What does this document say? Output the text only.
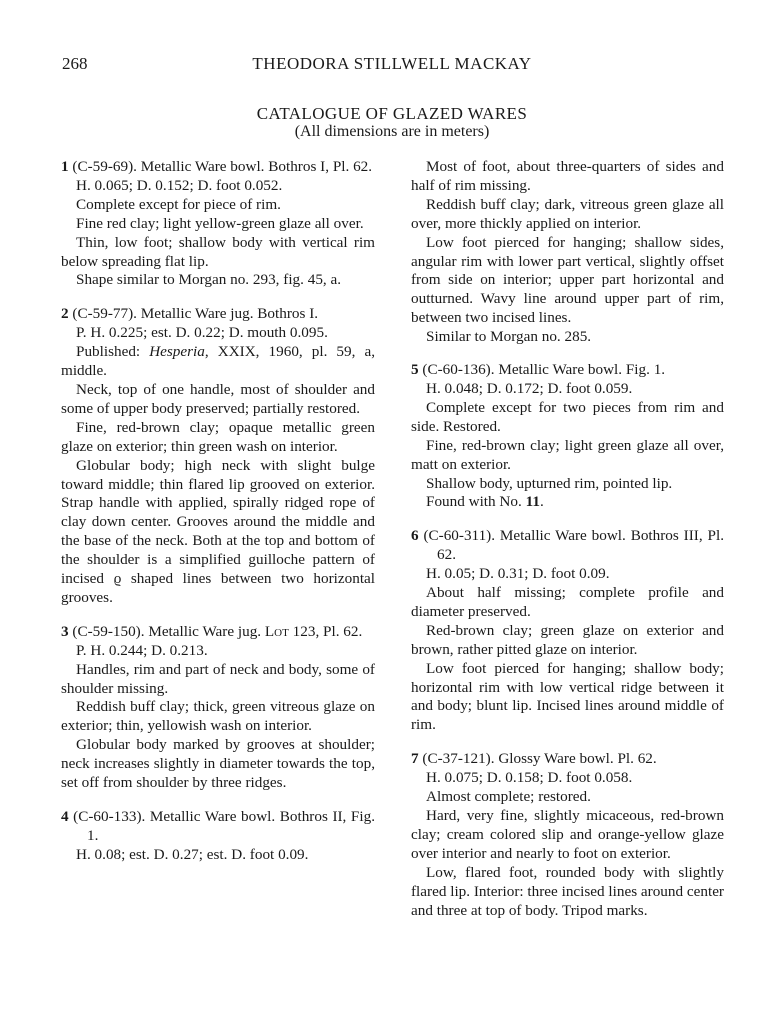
268	THEODORA STILLWELL MACKAY
CATALOGUE OF GLAZED WARES
(All dimensions are in meters)
1 (C-59-69). Metallic Ware bowl. Bothros I, Pl. 62.

H. 0.065; D. 0.152; D. foot 0.052.

Complete except for piece of rim.

Fine red clay; light yellow-green glaze all over.

Thin, low foot; shallow body with vertical rim below spreading flat lip.

Shape similar to Morgan no. 293, fig. 45, a.

2 (C-59-77). Metallic Ware jug. Bothros I.

P. H. 0.225; est. D. 0.22; D. mouth 0.095.

Published: Hesperia, XXIX, 1960, pl. 59, a, middle.

Neck, top of one handle, most of shoulder and some of upper body preserved; partially restored.

Fine, red-brown clay; opaque metallic green glaze on exterior; thin green wash on interior.

Globular body; high neck with slight bulge toward middle; thin flared lip grooved on exterior. Strap handle with applied, spirally ridged rope of clay down center. Grooves around the middle and the base of the neck. Both at the top and bottom of the shoulder is a simplified guilloche pattern of incised ϱ shaped lines between two horizontal grooves.

3 (C-59-150). Metallic Ware jug. Lot 123, Pl. 62.

P. H. 0.244; D. 0.213.

Handles, rim and part of neck and body, some of shoulder missing.

Reddish buff clay; thick, green vitreous glaze on exterior; thin, yellowish wash on interior.

Globular body marked by grooves at shoulder; neck increases slightly in diameter towards the top, set off from shoulder by three ridges.

4 (C-60-133). Metallic Ware bowl. Bothros II, Fig. 1.

H. 0.08; est. D. 0.27; est. D. foot 0.09.

Most of foot, about three-quarters of sides and half of rim missing.

Reddish buff clay; dark, vitreous green glaze all over, more thickly applied on interior.

Low foot pierced for hanging; shallow sides, angular rim with lower part vertical, slightly offset from side on interior; upper part horizontal and outturned. Wavy line around upper part of rim, between two incised lines.

Similar to Morgan no. 285.

5 (C-60-136). Metallic Ware bowl. Fig. 1.

H. 0.048; D. 0.172; D. foot 0.059.

Complete except for two pieces from rim and side. Restored.

Fine, red-brown clay; light green glaze all over, matt on exterior.

Shallow body, upturned rim, pointed lip.

Found with No. 11.

6 (C-60-311). Metallic Ware bowl. Bothros III, Pl. 62.

H. 0.05; D. 0.31; D. foot 0.09.

About half missing; complete profile and diameter preserved.

Red-brown clay; green glaze on exterior and brown, rather pitted glaze on interior.

Low foot pierced for hanging; shallow body; horizontal rim with low vertical ridge between it and body; blunt lip. Incised lines around middle of rim.

7 (C-37-121). Glossy Ware bowl. Pl. 62.

H. 0.075; D. 0.158; D. foot 0.058.

Almost complete; restored.

Hard, very fine, slightly micaceous, red-brown clay; cream colored slip and orange-yellow glaze over interior and nearly to foot on exterior.

Low, flared foot, rounded body with slightly flared lip. Interior: three incised lines around center and three at top of body. Tripod marks.
